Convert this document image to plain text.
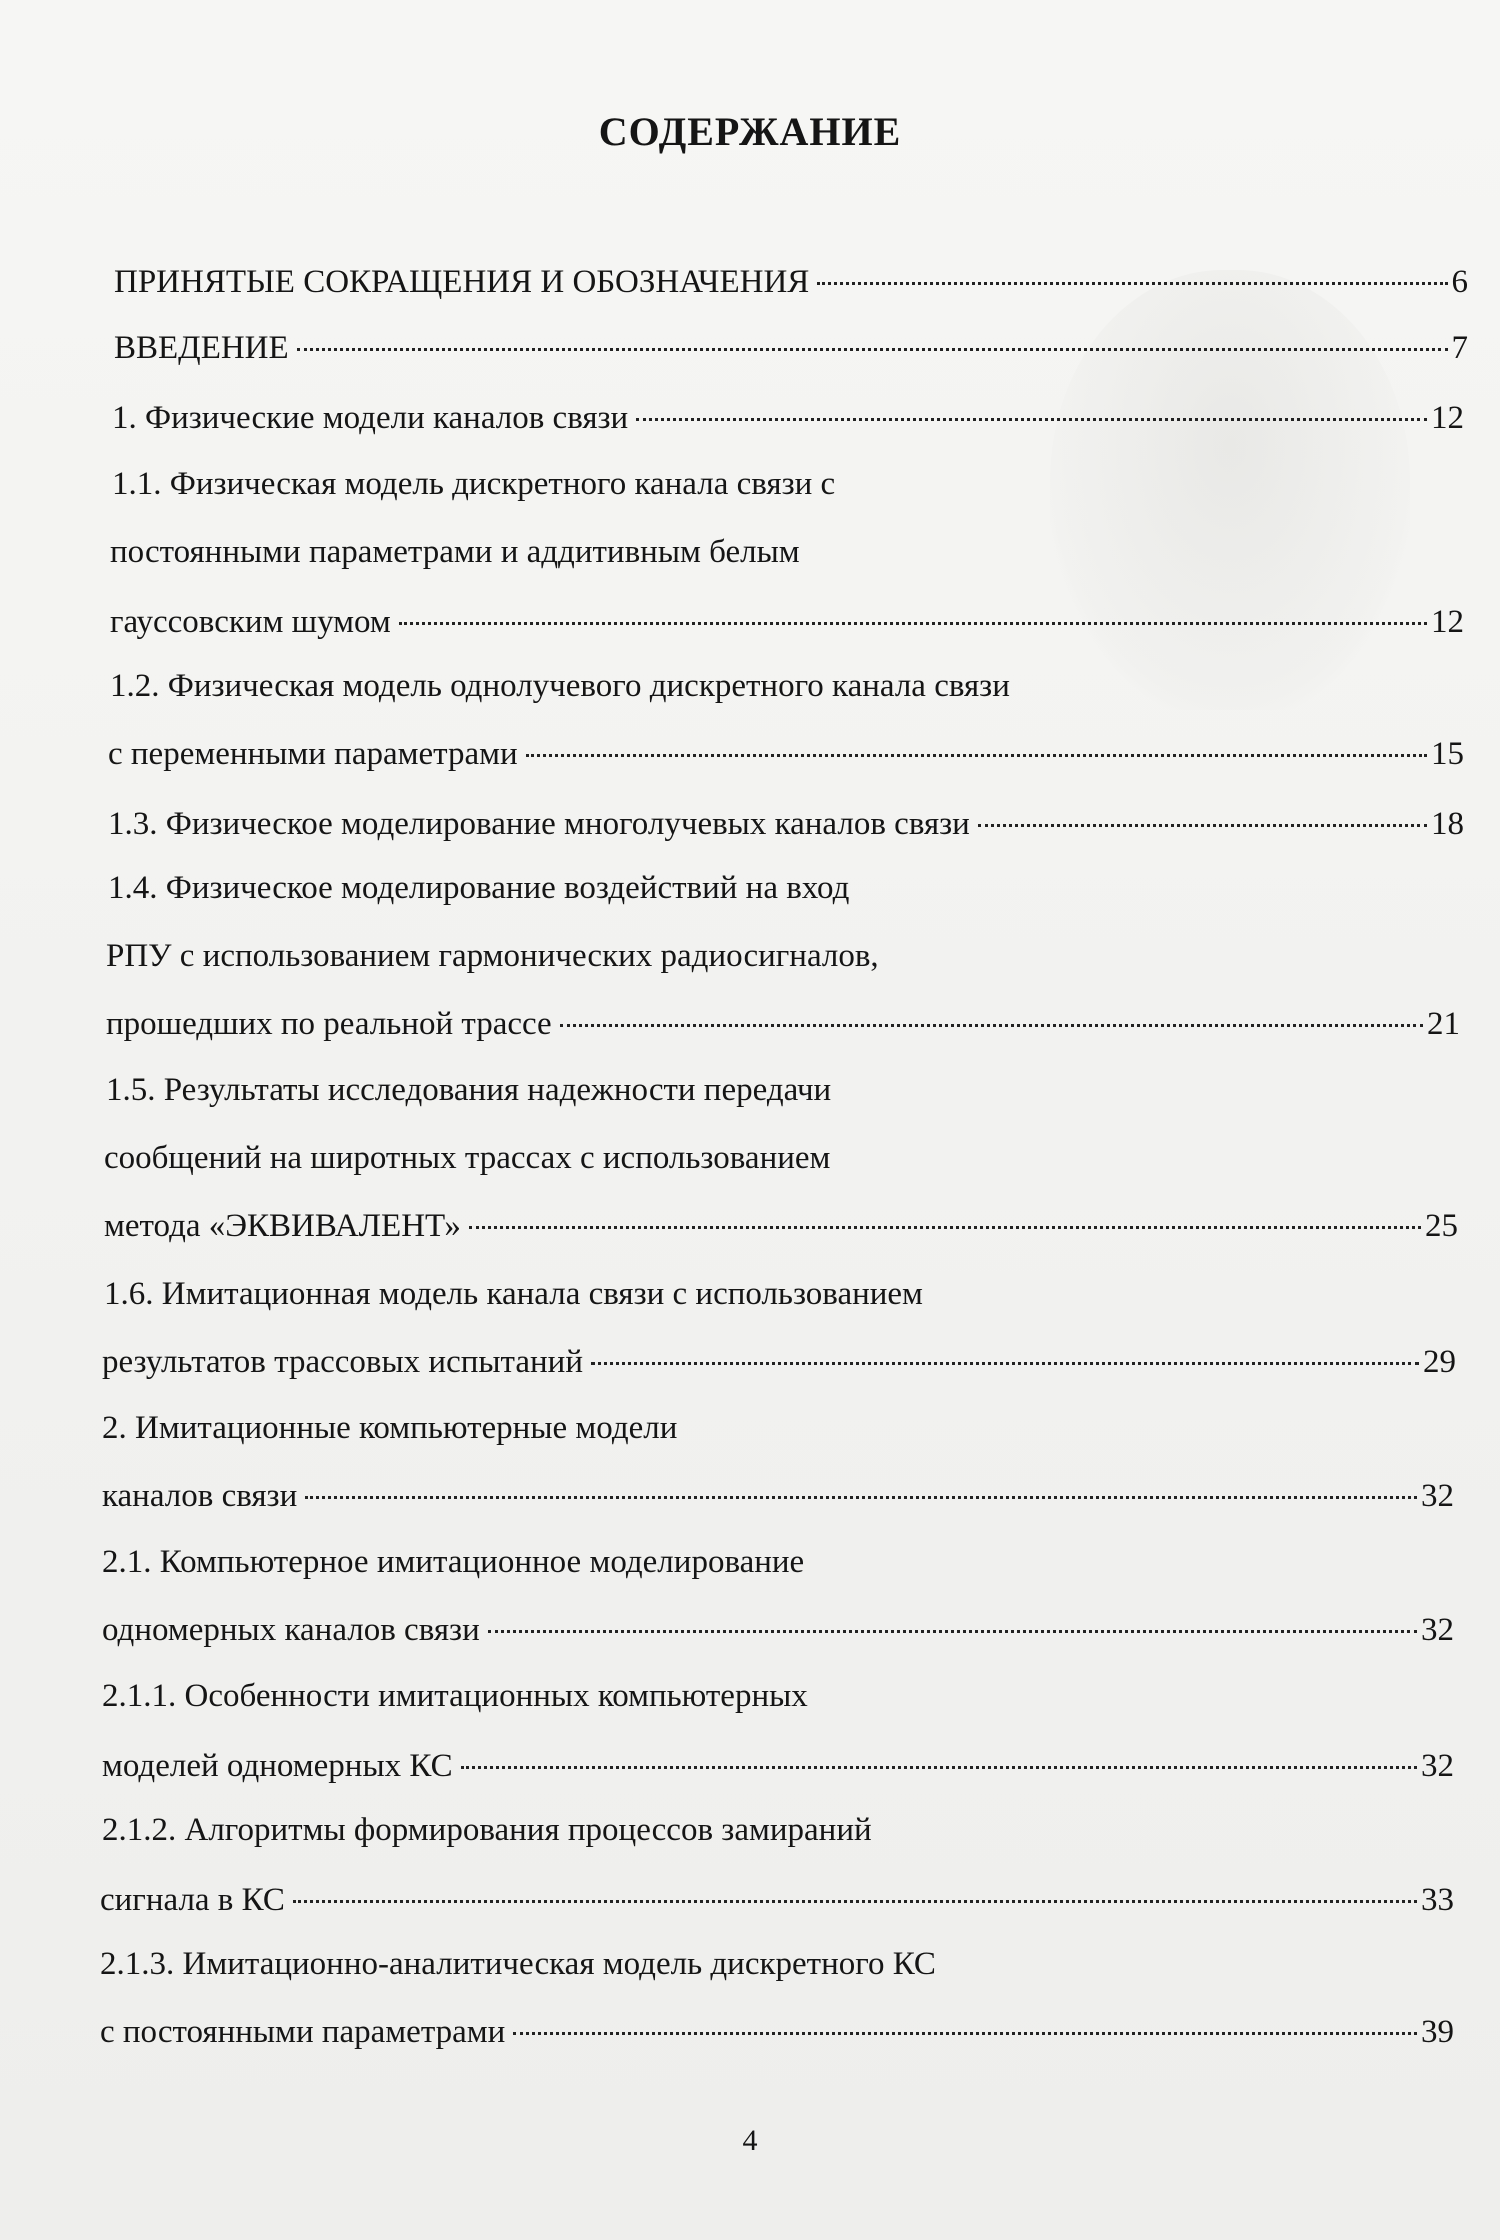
СОДЕРЖАНИЕ
ПРИНЯТЫЕ СОКРАЩЕНИЯ И ОБОЗНАЧЕНИЯ	6
ВВЕДЕНИЕ	7
1. Физические модели каналов связи	12
1.1. Физическая модель дискретного канала связи с
постоянными параметрами и аддитивным белым
гауссовским шумом	12
1.2. Физическая модель однолучевого дискретного канала связи
с переменными параметрами	15
1.3. Физическое моделирование многолучевых каналов связи	18
1.4. Физическое моделирование воздействий на вход
РПУ с использованием гармонических радиосигналов,
прошедших по реальной трассе	21
1.5. Результаты исследования надежности передачи
сообщений на широтных трассах с использованием
метода «ЭКВИВАЛЕНТ»	25
1.6. Имитационная модель канала связи с использованием
результатов трассовых испытаний	29
2. Имитационные компьютерные модели
каналов связи	32
2.1. Компьютерное имитационное моделирование
одномерных каналов связи	32
2.1.1. Особенности имитационных компьютерных
моделей одномерных КС	32
2.1.2. Алгоритмы формирования процессов замираний
сигнала в КС	33
2.1.3. Имитационно-аналитическая модель дискретного КС
с постоянными параметрами	39
4
